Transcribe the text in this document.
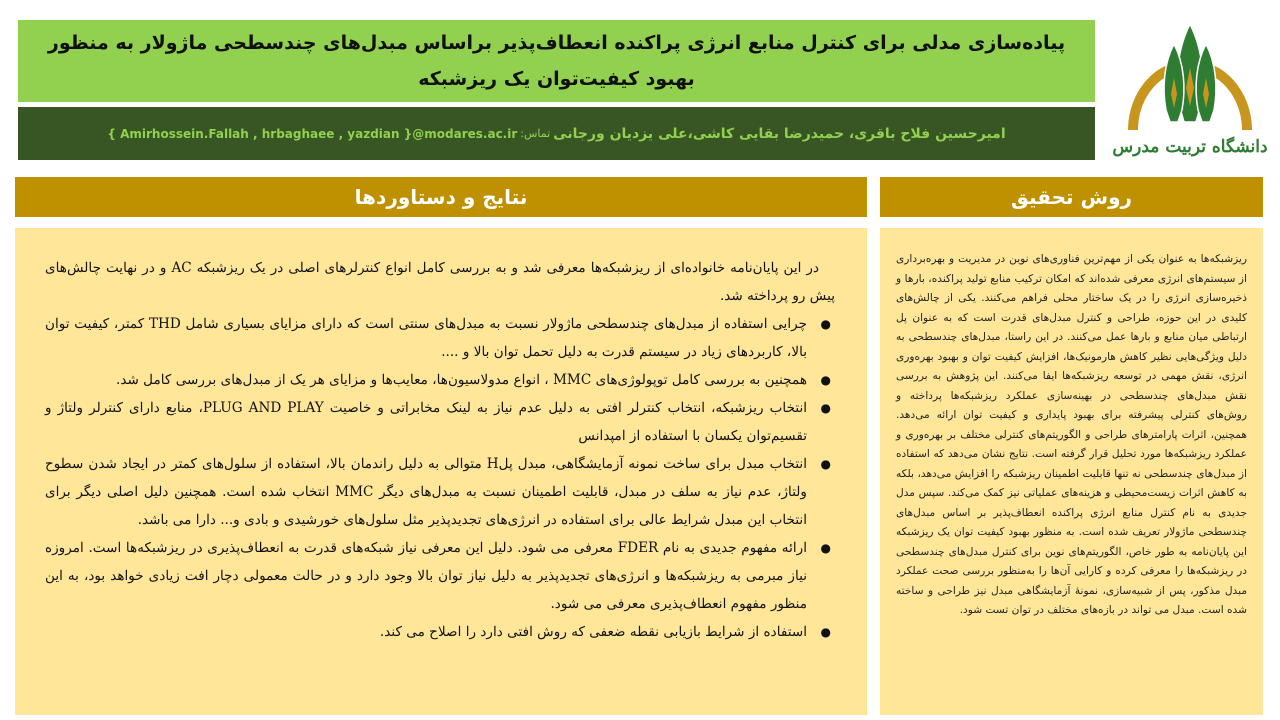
پیاده‌سازی مدلی برای کنترل منابع انرژی پراکنده انعطاف‌پذیر براساس مبدل‌های چندسطحی ماژولار به منظور بهبود کیفیت‌توان یک ریزشبکه
امیرحسین فلاح باقری، حمیدرضا بقایی کاشی،علی یزدیان ورجانی
تماس:
{ Amirhossein.Fallah , hrbaghaee , yazdian }@modares.ac.ir
دانشگاه تربیت مدرس
نتایج و دستاوردها	روش تحقیق

در این پایان‌نامه خانواده‌ای از ریزشبکه‌ها معرفی شد و به بررسی کامل انواع کنترلرهای اصلی در یک ریزشبکه AC و در نهایت چالش‌های پیش رو پرداخته شد.

●
چرایی استفاده از مبدل‌های چندسطحی ماژولار نسبت به مبدل‌های سنتی است که دارای مزایای بسیاری شامل THD کمتر، کیفیت توان بالا، کاربردهای زیاد در سیستم قدرت به دلیل تحمل توان بالا و ....
●
همچنین به بررسی کامل توپولوژی‌های MMC ، انواع مدولاسیون‌ها، معایب‌ها و مزایای هر یک از مبدل‌های بررسی کامل شد.
●
انتخاب ریزشبکه، انتخاب کنترلر افتی به دلیل عدم نیاز به لینک مخابراتی و خاصیت PLUG AND PLAY، منابع دارای کنترلر ولتاژ و تقسیم‌توان یکسان با استفاده از امپدانس
●
انتخاب مبدل برای ساخت نمونه آزمایشگاهی، مبدل پلH متوالی به دلیل راندمان بالا، استفاده از سلول‌های کمتر در ایجاد شدن سطوح ولتاژ، عدم نیاز به سلف در مبدل، قابلیت اطمینان نسبت به مبدل‌های دیگر MMC انتخاب شده است. همچنین دلیل اصلی دیگر برای انتخاب این مبدل شرایط عالی برای استفاده در انرژی‌های تجدیدپذیر مثل سلول‌های خورشیدی و بادی و... دارا می باشد.
●
ارائه مفهوم جدیدی به نام FDER معرفی می شود. دلیل این معرفی نیاز شبکه‌های قدرت به انعطاف‌پذیری در ریزشبکه‌ها است. امروزه نیاز مبرمی به ریزشبکه‌ها و انرژی‌های تجدیدپذیر به دلیل نیاز توان بالا وجود دارد و در حالت معمولی دچار افت زیادی خواهد بود، به این منظور مفهوم انعطاف‌پذیری معرفی می شود.
●
استفاده از شرایط بازیابی نقطه ضعفی که روش افتی دارد را اصلاح می کند.

ریزشبکه‌ها به عنوان یکی از مهم‌ترین فناوری‌های نوین در مدیریت و بهره‌برداری از سیستم‌های انرژی معرفی شده‌اند که امکان ترکیب منابع تولید پراکنده، بارها و ذخیره‌سازی انرژی را در یک ساختار محلی فراهم می‌کنند. یکی از چالش‌های کلیدی در این حوزه، طراحی و کنترل مبدل‌های قدرت است که به عنوان پل ارتباطی میان منابع و بارها عمل می‌کنند. در این راستا، مبدل‌های چندسطحی به دلیل ویژگی‌هایی نظیر کاهش هارمونیک‌ها، افزایش کیفیت توان و بهبود بهره‌وری انرژی، نقش مهمی در توسعه ریزشبکه‌ها ایفا می‌کنند. این پژوهش به بررسی نقش مبدل‌های چندسطحی در بهینه‌سازی عملکرد ریزشبکه‌ها پرداخته و روش‌های کنترلی پیشرفته برای بهبود پایداری و کیفیت توان ارائه می‌دهد. همچنین، اثرات پارامترهای طراحی و الگوریتم‌های کنترلی مختلف بر بهره‌وری و عملکرد ریزشبکه‌ها مورد تحلیل قرار گرفته است. نتایج نشان می‌دهد که استفاده از مبدل‌های چندسطحی نه تنها قابلیت اطمینان ریزشبکه را افزایش می‌دهد، بلکه به کاهش اثرات زیست‌محیطی و هزینه‌های عملیاتی نیز کمک می‌کند. سپس مدل جدیدی به نام کنترل منابع انرژی پراکنده انعطاف‌پذیر بر اساس مبدل‌های چندسطحی ماژولار تعریف شده است. به منظور بهبود کیفیت توان یک ریزشبکه این پایان‌نامه به طور خاص، الگوریتم‌های نوین برای کنترل مبدل‌های چندسطحی در ریزشبکه‌ها را معرفی کرده و کارایی آن‌ها را به‌منظور بررسی صحت عملکرد مبدل مذکور، پس از شبیه‌سازی، نمونهٔ آزمایشگاهی مبدل نیز طراحی و ساخته شده است. مبدل می تواند در بازه‌های مختلف در توان تست شود.
